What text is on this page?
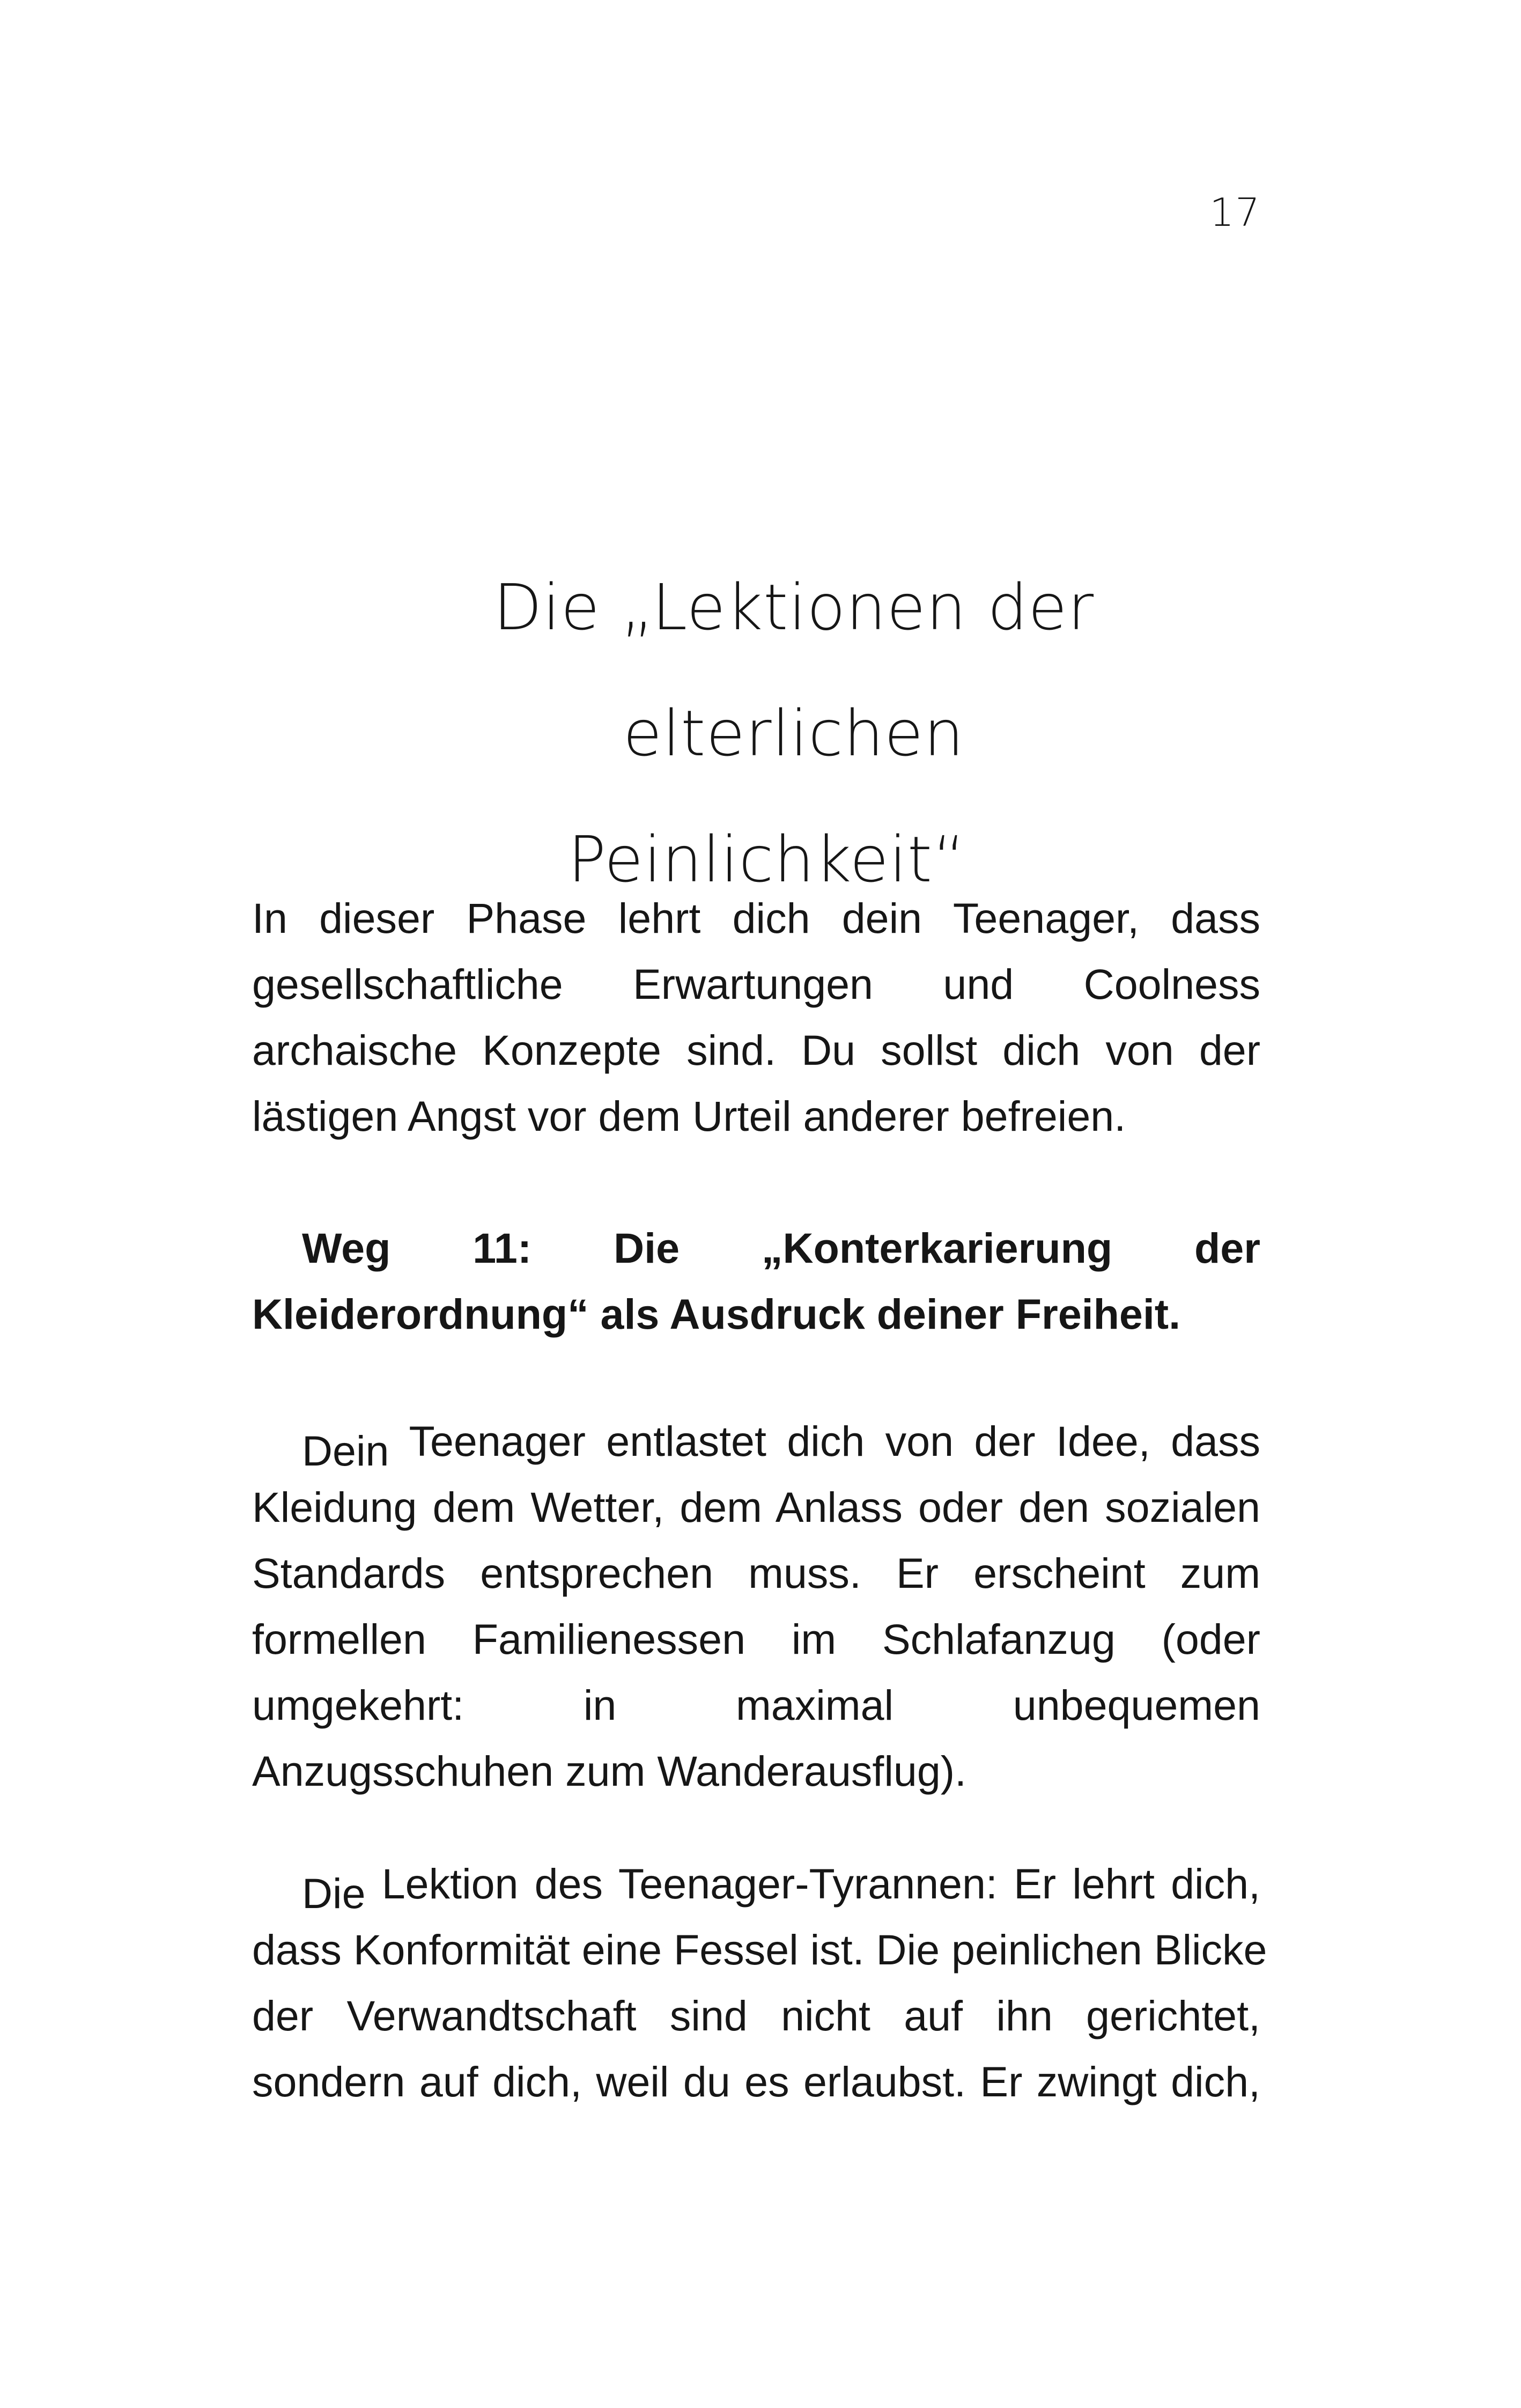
17
Die „Lektionen der elterlichen
Peinlichkeit“
In dieser Phase lehrt dich dein Teenager, dass
gesellschaftliche Erwartungen und Coolness
archaische Konzepte sind. Du sollst dich von der
lästigen Angst vor dem Urteil anderer befreien.
Weg 11: Die „Konterkarierung der
Kleiderordnung“ als Ausdruck deiner Freiheit.
Dein Teenager entlastet dich von der Idee, dass
Kleidung dem Wetter, dem Anlass oder den sozialen
Standards entsprechen muss. Er erscheint zum
formellen Familienessen im Schlafanzug (oder
umgekehrt: in maximal unbequemen
Anzugsschuhen zum Wanderausflug).
Die Lektion des Teenager-Tyrannen: Er lehrt dich,
dass Konformität eine Fessel ist. Die peinlichen Blicke
der Verwandtschaft sind nicht auf ihn gerichtet,
sondern auf dich, weil du es erlaubst. Er zwingt dich,
